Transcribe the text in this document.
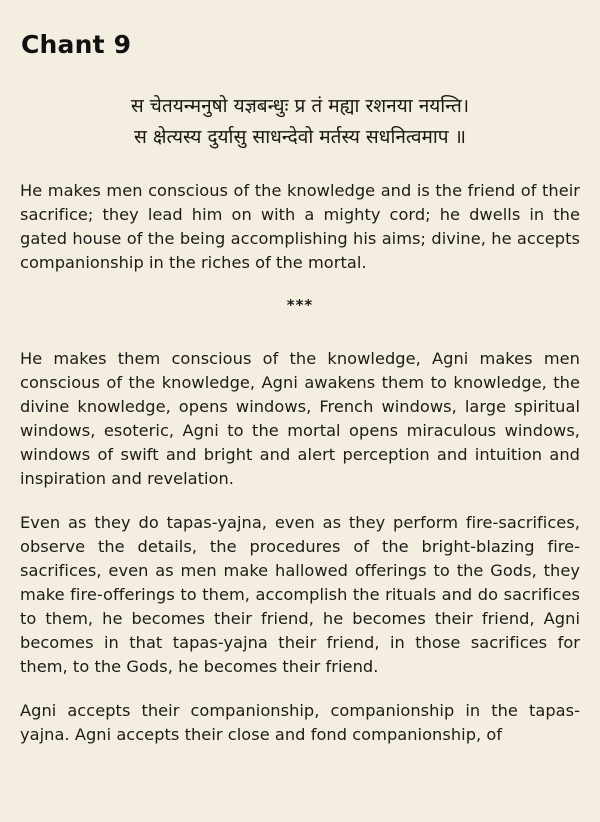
Chant 9
स चेतयन्मनुषो यज्ञबन्धुः प्र तं मह्या रशनया नयन्ति।
स क्षेत्यस्य दुर्यासु साधन्देवो मर्तस्य सधनित्वमाप ॥

He makes men conscious of the knowledge and is the friend of their sacrifice; they lead him on with a mighty cord; he dwells in the gated house of the being accomplishing his aims; divine, he accepts companionship in the riches of the mortal.

***

He makes them conscious of the knowledge, Agni makes men conscious of the knowledge, Agni awakens them to knowledge, the divine knowledge, opens windows, French windows, large spiritual windows, esoteric, Agni to the mortal opens miraculous windows, windows of swift and bright and alert perception and intuition and inspiration and revelation.

Even as they do tapas-yajna, even as they perform fire-sacrifices, observe the details, the procedures of the bright-blazing fire-sacrifices, even as men make hallowed offerings to the Gods, they make fire-offerings to them, accomplish the rituals and do sacrifices to them, he becomes their friend, he becomes their friend, Agni becomes in that tapas-yajna their friend, in those sacrifices for them, to the Gods, he becomes their friend.

Agni accepts their companionship, companionship in the tapas-yajna. Agni accepts their close and fond companionship, of
